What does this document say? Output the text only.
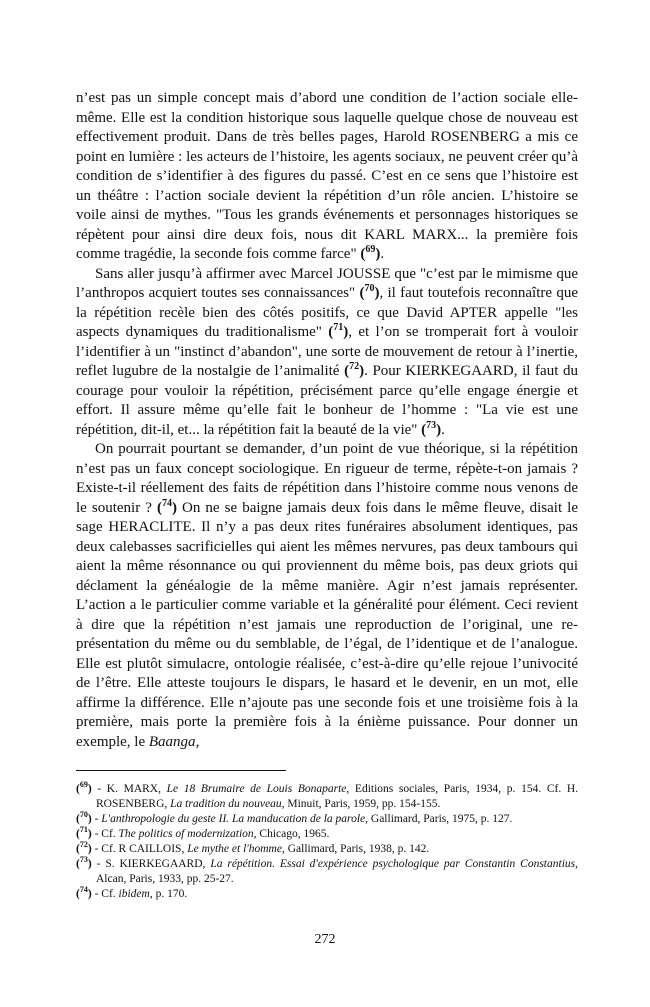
n’est pas un simple concept mais d’abord une condition de l’action sociale elle-même. Elle est la condition historique sous laquelle quelque chose de nouveau est effectivement produit. Dans de très belles pages, Harold ROSENBERG a mis ce point en lumière : les acteurs de l’histoire, les agents sociaux, ne peuvent créer qu’à condition de s’identifier à des figures du passé. C’est en ce sens que l’histoire est un théâtre : l’action sociale devient la répétition d’un rôle ancien. L’histoire se voile ainsi de mythes. "Tous les grands événements et personnages historiques se répètent pour ainsi dire deux fois, nous dit KARL MARX... la première fois comme tragédie, la seconde fois comme farce" ($^{69}$).

Sans aller jusqu’à affirmer avec Marcel JOUSSE que "c’est par le mimisme que l’anthropos acquiert toutes ses connaissances" ($^{70}$), il faut toutefois reconnaître que la répétition recèle bien des côtés positifs, ce que David APTER appelle "les aspects dynamiques du traditionalisme" ($^{71}$), et l’on se tromperait fort à vouloir l’identifier à un "instinct d’abandon", une sorte de mouvement de retour à l’inertie, reflet lugubre de la nostalgie de l’animalité ($^{72}$). Pour KIERKEGAARD, il faut du courage pour vouloir la répétition, précisément parce qu’elle engage énergie et effort. Il assure même qu’elle fait le bonheur de l’homme : "La vie est une répétition, dit-il, et... la répétition fait la beauté de la vie" ($^{73}$).

On pourrait pourtant se demander, d’un point de vue théorique, si la répétition n’est pas un faux concept sociologique. En rigueur de terme, répète-t-on jamais ? Existe-t-il réellement des faits de répétition dans l’histoire comme nous venons de le soutenir ? ($^{74}$) On ne se baigne jamais deux fois dans le même fleuve, disait le sage HERACLITE. Il n’y a pas deux rites funéraires absolument identiques, pas deux calebasses sacrificielles qui aient les mêmes nervures, pas deux tambours qui aient la même résonnance ou qui proviennent du même bois, pas deux griots qui déclament la généalogie de la même manière. Agir n’est jamais représenter. L’action a le particulier comme variable et la généralité pour élément. Ceci revient à dire que la répétition n’est jamais une reproduction de l’original, une re-présentation du même ou du semblable, de l’égal, de l’identique et de l’analogue. Elle est plutôt simulacre, ontologie réalisée, c’est-à-dire qu’elle rejoue l’univocité de l’être. Elle atteste toujours le dispars, le hasard et le devenir, en un mot, elle affirme la différence. Elle n’ajoute pas une seconde fois et une troisième fois à la première, mais porte la première fois à la énième puissance. Pour donner un exemple, le Baanga,

($^{69}$) - K. MARX, Le 18 Brumaire de Louis Bonaparte, Editions sociales, Paris, 1934, p. 154. Cf. H. ROSENBERG, La tradition du nouveau, Minuit, Paris, 1959, pp. 154-155.

($^{70}$) - L'anthropologie du geste II. La manducation de la parole, Gallimard, Paris, 1975, p. 127.

($^{71}$) - Cf. The politics of modernization, Chicago, 1965.

($^{72}$) - Cf. R CAILLOIS, Le mythe et l'homme, Gallimard, Paris, 1938, p. 142.

($^{73}$) - S. KIERKEGAARD, La répétition. Essai d'expérience psychologique par Constantin Constantius, Alcan, Paris, 1933, pp. 25-27.

($^{74}$) - Cf. ibidem, p. 170.

272
